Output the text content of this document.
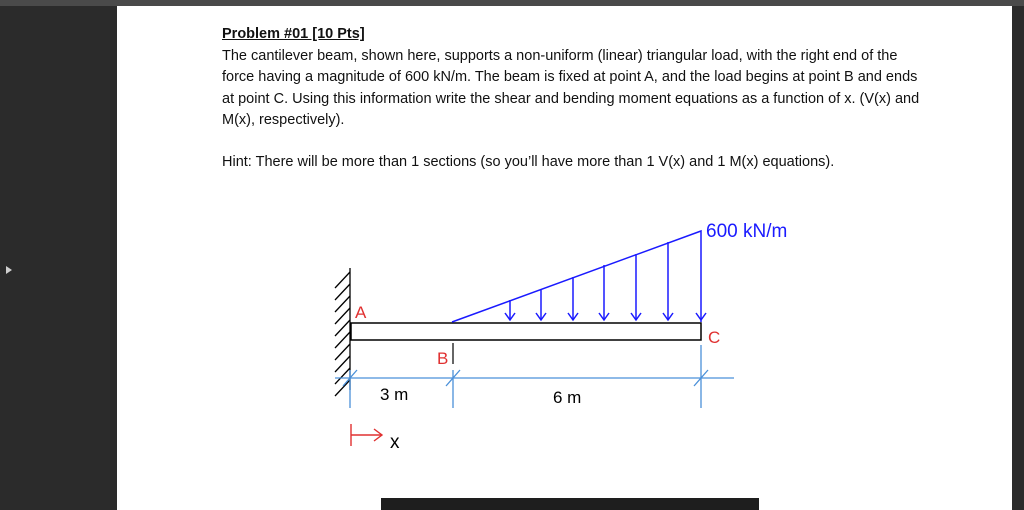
Problem #01 [10 Pts]

The cantilever beam, shown here, supports a non-uniform (linear) triangular load, with the right end of the force having a magnitude of 600 kN/m. The beam is fixed at point A, and the load begins at point B and ends at point C. Using this information write the shear and bending moment equations as a function of x. (V(x) and M(x), respectively).

Hint: There will be more than 1 sections (so you’ll have more than 1 V(x) and 1 M(x) equations).
600 kN/m
A
B
C
3 m	6 m
x
